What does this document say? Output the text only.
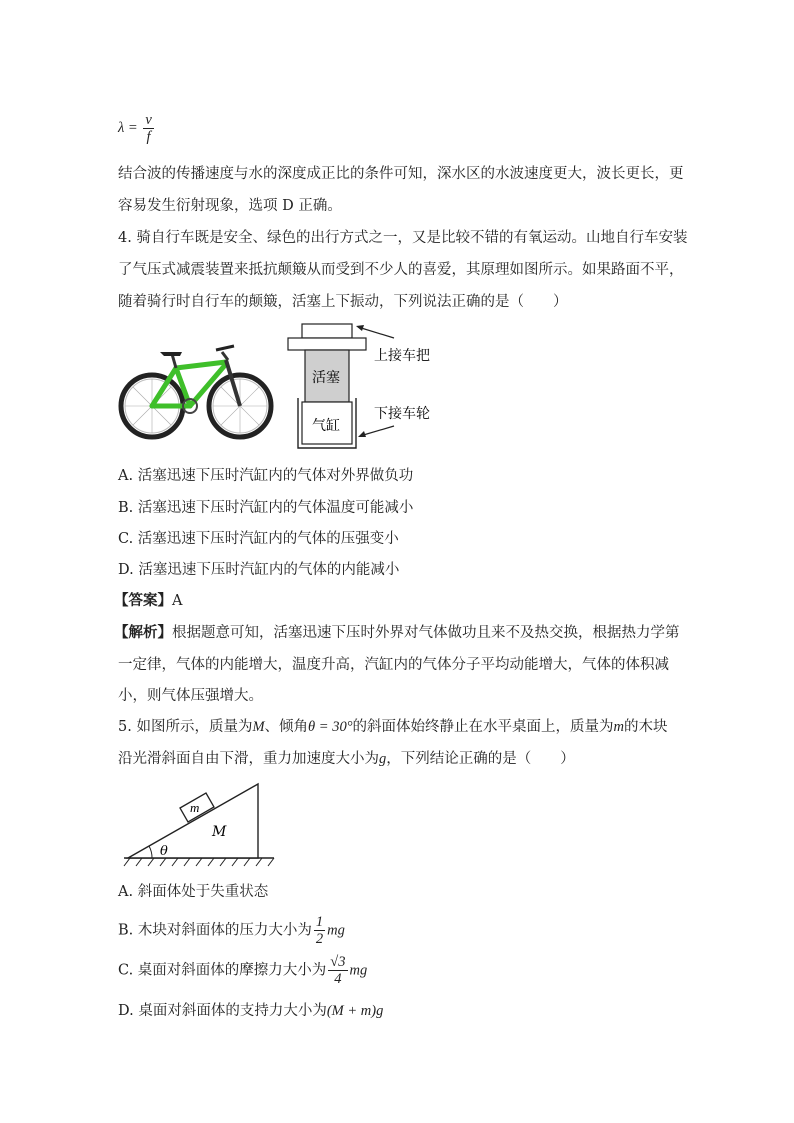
$\lambda = \frac{v}{f}$
结合波的传播速度与水的深度成正比的条件可知，深水区的水波速度更大，波长更长，更
容易发生衍射现象，选项 D 正确。
4. 骑自行车既是安全、绿色的出行方式之一，又是比较不错的有氧运动。山地自行车安装
了气压式减震装置来抵抗颠簸从而受到不少人的喜爱，其原理如图所示。如果路面不平，
随着骑行时自行车的颠簸，活塞上下振动，下列说法正确的是（　　）
活塞
气缸
上接车把
下接车轮
A. 活塞迅速下压时汽缸内的气体对外界做负功
B. 活塞迅速下压时汽缸内的气体温度可能减小
C. 活塞迅速下压时汽缸内的气体的压强变小
D. 活塞迅速下压时汽缸内的气体的内能减小
【答案】A
【解析】根据题意可知，活塞迅速下压时外界对气体做功且来不及热交换，根据热力学第
一定律，气体的内能增大，温度升高，汽缸内的气体分子平均动能增大，气体的体积减
小，则气体压强增大。
5. 如图所示，质量为M、倾角θ = 30°的斜面体始终静止在水平桌面上，质量为m的木块
沿光滑斜面自由下滑，重力加速度大小为g，下列结论正确的是（　　）
m
M
θ
A. 斜面体处于失重状态
B. 木块对斜面体的压力大小为 $\frac{1}{2}$ mg
C. 桌面对斜面体的摩擦力大小为 $\frac{√3}{4}$ mg
D. 桌面对斜面体的支持力大小为(M + m)g
